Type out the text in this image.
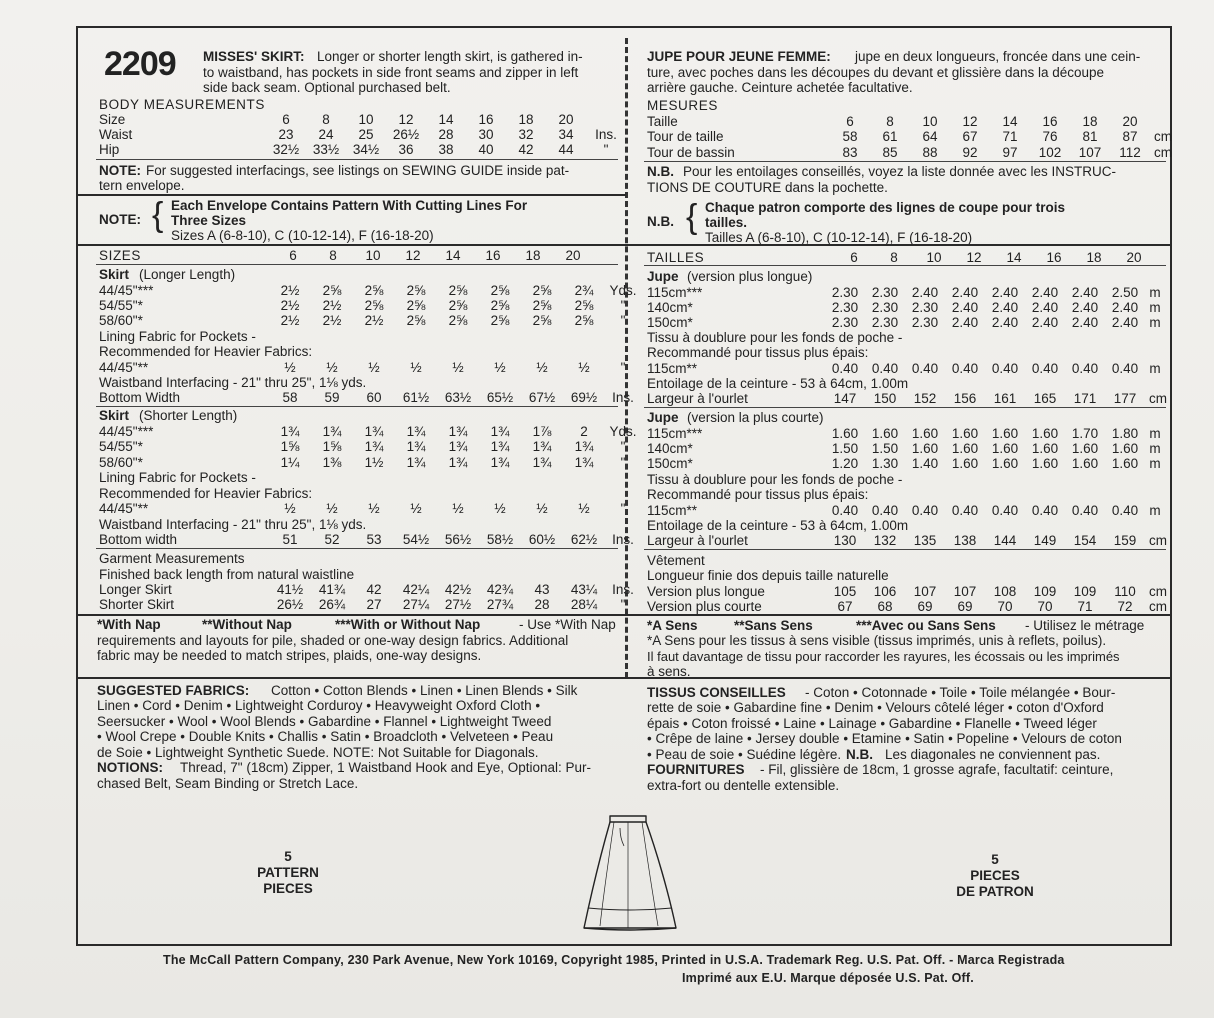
2209 MISSES' SKIRT: Longer or shorter length skirt, is gathered in-
to waistband, has pockets in side front seams and zipper in left
side back seam. Optional purchased belt.
BODY MEASUREMENTS
Size	6	8	10	12	14	16	18	20
Waist	23	24	25	26½	28	30	32	34	Ins.
Hip	32½	33½	34½	36	38	40	42	44	"
NOTE: For suggested interfacings, see listings on SEWING GUIDE inside pat-
tern envelope.
NOTE: { Each Envelope Contains Pattern With Cutting Lines For
Three Sizes
Sizes A (6-8-10), C (10-12-14), F (16-18-20)
SIZES	6	8	10	12	14	16	18	20
Skirt (Longer Length)
44/45"***	2½	2⅝	2⅝	2⅝	2⅝	2⅝	2⅝	2¾	Yds.
54/55"*	2½	2½	2⅝	2⅝	2⅝	2⅝	2⅝	2⅝	"
58/60"*	2½	2½	2½	2⅝	2⅝	2⅝	2⅝	2⅝	"
Lining Fabric for Pockets -
Recommended for Heavier Fabrics:
44/45"**	½	½	½	½	½	½	½	½	"
Waistband Interfacing - 21" thru 25", 1⅛ yds.
Bottom Width	58	59	60	61½	63½	65½	67½	69½	Ins.
Skirt (Shorter Length)
44/45"***	1¾	1¾	1¾	1¾	1¾	1¾	1⅞	2	Yds.
54/55"*	1⅝	1⅝	1¾	1¾	1¾	1¾	1¾	1¾	"
58/60"*	1¼	1⅜	1½	1¾	1¾	1¾	1¾	1¾	"
Lining Fabric for Pockets -
Recommended for Heavier Fabrics:
44/45"**	½	½	½	½	½	½	½	½	"
Waistband Interfacing - 21" thru 25", 1⅛ yds.
Bottom width	51	52	53	54½	56½	58½	60½	62½	Ins.
Garment Measurements
Finished back length from natural waistline
Longer Skirt	41½	41¾	42	42¼	42½	42¾	43	43¼	Ins.
Shorter Skirt	26½	26¾	27	27¼	27½	27¾	28	28¼	"
*With Nap	**Without Nap	***With or Without Nap	- Use *With Nap
requirements and layouts for pile, shaded or one-way design fabrics. Additional
fabric may be needed to match stripes, plaids, one-way designs.
SUGGESTED FABRICS: Cotton • Cotton Blends • Linen • Linen Blends • Silk
Linen • Cord • Denim • Lightweight Corduroy • Heavyweight Oxford Cloth •
Seersucker • Wool • Wool Blends • Gabardine • Flannel • Lightweight Tweed
• Wool Crepe • Double Knits • Challis • Satin • Broadcloth • Velveteen • Peau
de Soie • Lightweight Synthetic Suede. NOTE: Not Suitable for Diagonals.
NOTIONS: Thread, 7" (18cm) Zipper, 1 Waistband Hook and Eye, Optional: Pur-
chased Belt, Seam Binding or Stretch Lace.
5
PATTERN
PIECES
JUPE POUR JEUNE FEMME: jupe en deux longueurs, froncée dans une cein-
ture, avec poches dans les découpes du devant et glissière dans la découpe
arrière gauche. Ceinture achetée facultative.
MESURES
Taille	6	8	10	12	14	16	18	20
Tour de taille	58	61	64	67	71	76	81	87	cm
Tour de bassin	83	85	88	92	97	102	107	112 cm
N.B. Pour les entoilages conseillés, voyez la liste donnée avec les INSTRUC-
TIONS DE COUTURE dans la pochette.
N.B. { Chaque patron comporte des lignes de coupe pour trois
tailles.
Tailles A (6-8-10), C (10-12-14), F (16-18-20)
TAILLES	6	8	10	12	14	16	18	20
Jupe (version plus longue)
115cm***	2.30	2.30	2.40	2.40	2.40	2.40	2.40	2.50 m
140cm*	2.30	2.30	2.30	2.40	2.40	2.40	2.40	2.40 m
150cm*	2.30	2.30	2.30	2.40	2.40	2.40	2.40	2.40 m
Tissu à doublure pour les fonds de poche -
Recommandé pour tissus plus épais:
115cm**	0.40	0.40	0.40	0.40	0.40	0.40	0.40	0.40 m
Entoilage de la ceinture - 53 à 64cm, 1.00m
Largeur à l'ourlet	147	150	152	156	161	165	171	177 cm
Jupe (version la plus courte)
115cm***	1.60	1.60	1.60	1.60	1.60	1.60	1.70	1.80 m
140cm*	1.50	1.50	1.60	1.60	1.60	1.60	1.60	1.60 m
150cm*	1.20	1.30	1.40	1.60	1.60	1.60	1.60	1.60 m
Tissu à doublure pour les fonds de poche -
Recommandé pour tissus plus épais:
115cm**	0.40	0.40	0.40	0.40	0.40	0.40	0.40	0.40 m
Entoilage de la ceinture - 53 à 64cm, 1.00m
Largeur à l'ourlet	130	132	135	138	144	149	154	159 cm
Vêtement
Longueur finie dos depuis taille naturelle
Version plus longue	105	106	107	107	108	109	109	110 cm
Version plus courte	67	68	69	69	70	70	71	72	cm
*A Sens	**Sans Sens	***Avec ou Sans Sens - Utilisez le métrage
*A Sens pour les tissus à sens visible (tissus imprimés, unis à reflets, poilus).
Il faut davantage de tissu pour raccorder les rayures, les écossais ou les imprimés
à sens.
TISSUS CONSEILLES - Coton • Cotonnade • Toile • Toile mélangée • Bour-
rette de soie • Gabardine fine • Denim • Velours côtelé léger • coton d'Oxford
épais • Coton froissé • Laine • Lainage • Gabardine • Flanelle • Tweed léger
• Crêpe de laine • Jersey double • Etamine • Satin • Popeline • Velours de coton
• Peau de soie • Suédine légère. N.B. Les diagonales ne conviennent pas.
FOURNITURES - Fil, glissière de 18cm, 1 grosse agrafe, facultatif: ceinture,
extra-fort ou dentelle extensible.
5
PIECES
DE PATRON
The McCall Pattern Company, 230 Park Avenue, New York 10169, Copyright 1985, Printed in U.S.A. Trademark Reg. U.S. Pat. Off. - Marca Registrada
Imprimé aux E.U. Marque déposée U.S. Pat. Off.
